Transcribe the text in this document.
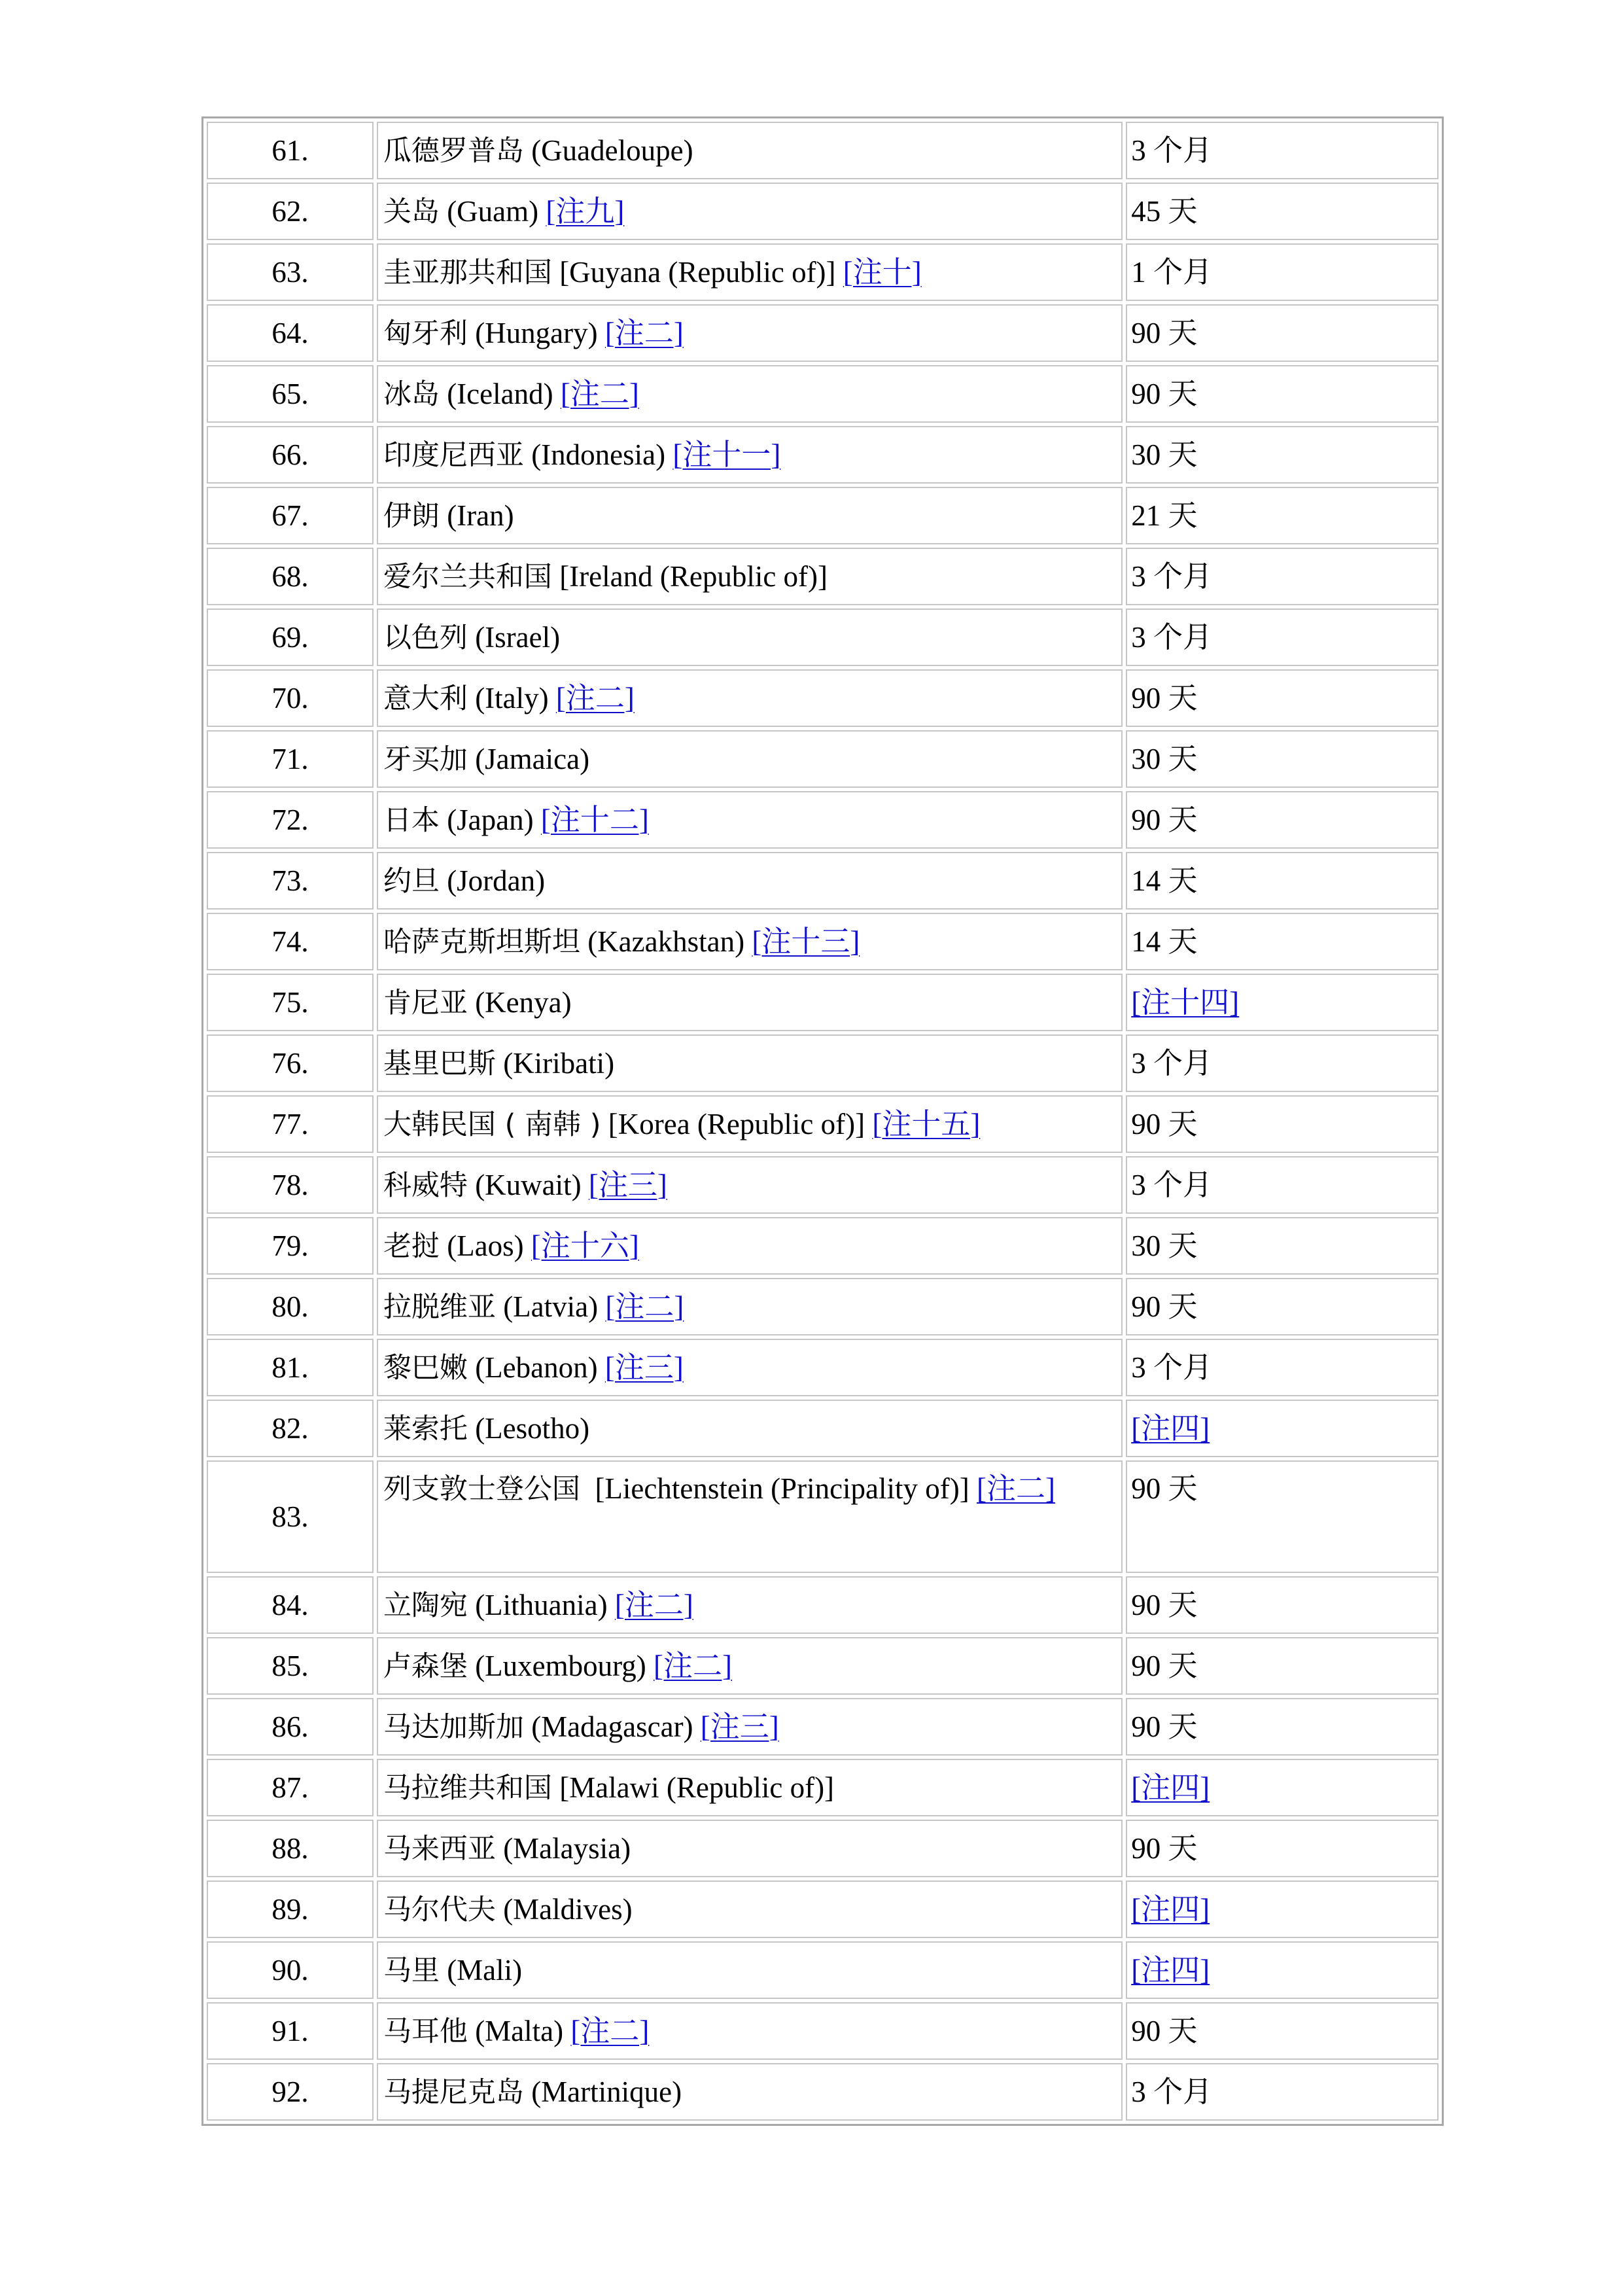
61.	瓜德罗普岛 (Guadeloupe)	3 个月
62.	关岛 (Guam) [注九]	45 天
63.	圭亚那共和国 [Guyana (Republic of)] [注十]	1 个月
64.	匈牙利 (Hungary) [注二]	90 天
65.	冰岛 (Iceland) [注二]	90 天
66.	印度尼西亚 (Indonesia) [注十一]	30 天
67.	伊朗 (Iran)	21 天
68.	爱尔兰共和国 [Ireland (Republic of)]	3 个月
69.	以色列 (Israel)	3 个月
70.	意大利 (Italy) [注二]	90 天
71.	牙买加 (Jamaica)	30 天
72.	日本 (Japan) [注十二]	90 天
73.	约旦 (Jordan)	14 天
74.	哈萨克斯坦斯坦 (Kazakhstan) [注十三]	14 天
75.	肯尼亚 (Kenya)	[注十四]
76.	基里巴斯 (Kiribati)	3 个月
77.	大韩民国 ( 南韩 ) [Korea (Republic of)] [注十五]	90 天
78.	科威特 (Kuwait) [注三]	3 个月
79.	老挝 (Laos) [注十六]	30 天
80.	拉脱维亚 (Latvia) [注二]	90 天
81.	黎巴嫩 (Lebanon) [注三]	3 个月
82.	莱索托 (Lesotho)	[注四]
83.	列支敦士登公国  [Liechtenstein (Principality of)] [注二]	90 天
84.	立陶宛 (Lithuania) [注二]	90 天
85.	卢森堡 (Luxembourg) [注二]	90 天
86.	马达加斯加 (Madagascar) [注三]	90 天
87.	马拉维共和国 [Malawi (Republic of)]	[注四]
88.	马来西亚 (Malaysia)	90 天
89.	马尔代夫 (Maldives)	[注四]
90.	马里 (Mali)	[注四]
91.	马耳他 (Malta) [注二]	90 天
92.	马提尼克岛 (Martinique)	3 个月
